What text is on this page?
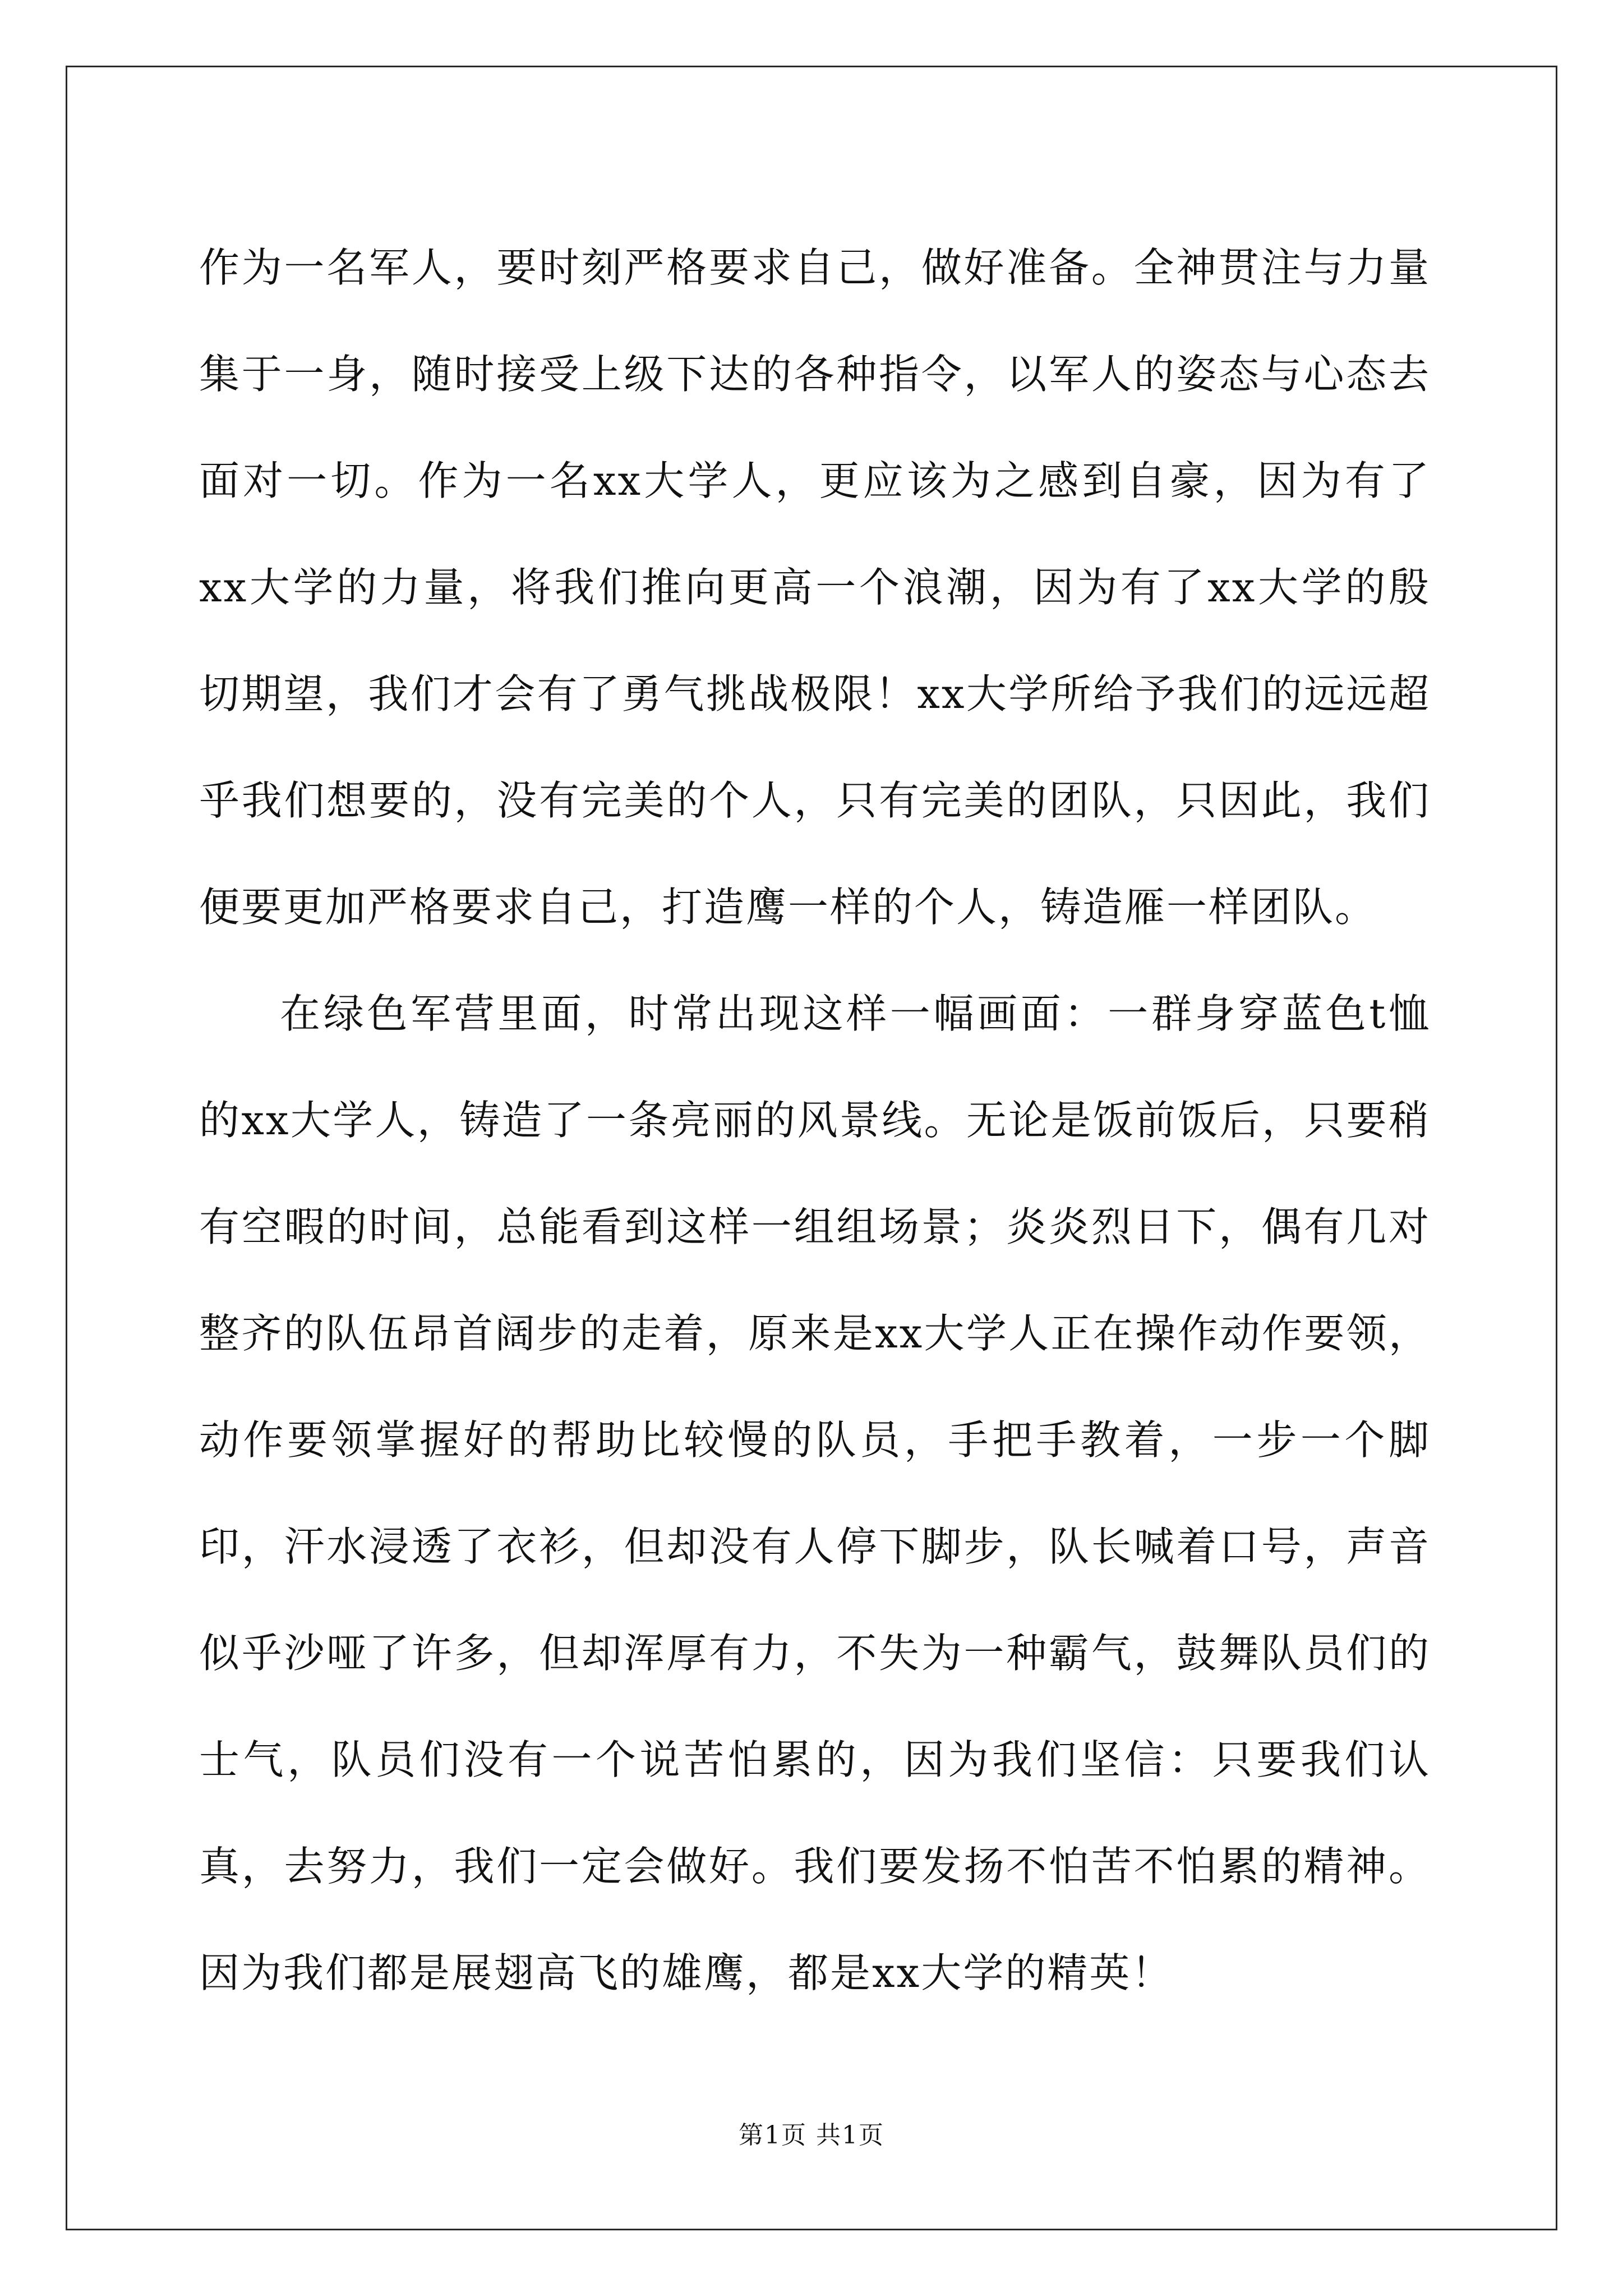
作为一名军人，要时刻严格要求自己，做好准备。全神贯注与力量集于一身，随时接受上级下达的各种指令，以军人的姿态与心态去面对一切。作为一名xx大学人，更应该为之感到自豪，因为有了xx大学的力量，将我们推向更高一个浪潮，因为有了xx大学的殷切期望，我们才会有了勇气挑战极限！xx大学所给予我们的远远超乎我们想要的，没有完美的个人，只有完美的团队，只因此，我们便要更加严格要求自己，打造鹰一样的个人，铸造雁一样团队。

在绿色军营里面，时常出现这样一幅画面：一群身穿蓝色t恤的xx大学人，铸造了一条亮丽的风景线。无论是饭前饭后，只要稍有空暇的时间，总能看到这样一组组场景；炎炎烈日下，偶有几对整齐的队伍昂首阔步的走着，原来是xx大学人正在操作动作要领，动作要领掌握好的帮助比较慢的队员，手把手教着，一步一个脚印，汗水浸透了衣衫，但却没有人停下脚步，队长喊着口号，声音似乎沙哑了许多，但却浑厚有力，不失为一种霸气，鼓舞队员们的士气，队员们没有一个说苦怕累的，因为我们坚信：只要我们认真，去努力，我们一定会做好。我们要发扬不怕苦不怕累的精神。因为我们都是展翅高飞的雄鹰，都是xx大学的精英！

第1页 共1页
